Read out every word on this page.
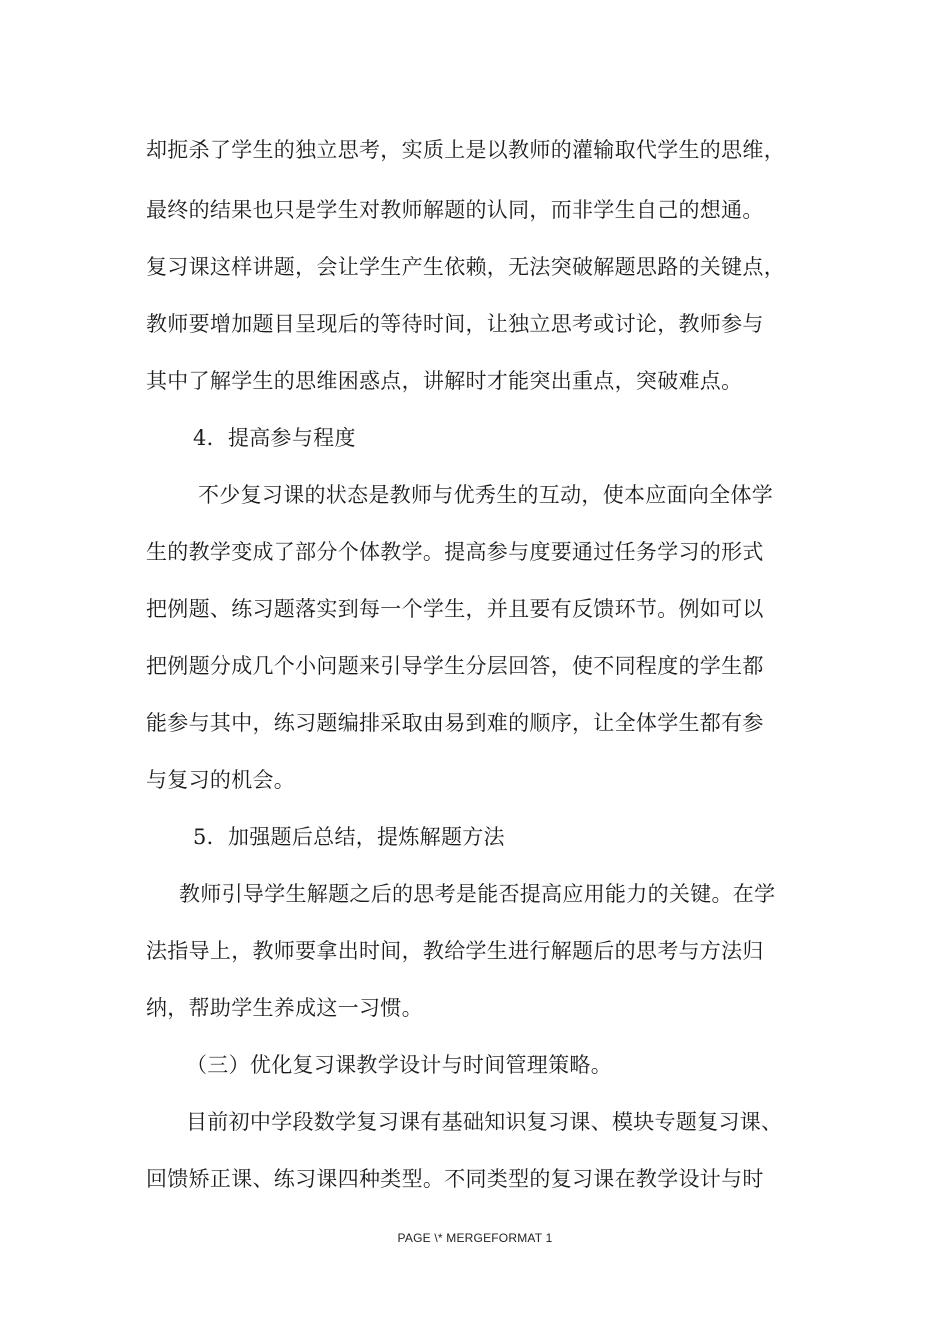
却扼杀了学生的独立思考，实质上是以教师的灌输取代学生的思维，
最终的结果也只是学生对教师解题的认同，而非学生自己的想通。
复习课这样讲题，会让学生产生依赖，无法突破解题思路的关键点，
教师要增加题目呈现后的等待时间，让独立思考或讨论，教师参与
其中了解学生的思维困惑点，讲解时才能突出重点，突破难点。
4．提高参与程度
不少复习课的状态是教师与优秀生的互动，使本应面向全体学
生的教学变成了部分个体教学。提高参与度要通过任务学习的形式
把例题、练习题落实到每一个学生，并且要有反馈环节。例如可以
把例题分成几个小问题来引导学生分层回答，使不同程度的学生都
能参与其中，练习题编排采取由易到难的顺序，让全体学生都有参
与复习的机会。
5．加强题后总结，提炼解题方法
教师引导学生解题之后的思考是能否提高应用能力的关键。在学
法指导上，教师要拿出时间，教给学生进行解题后的思考与方法归
纳，帮助学生养成这一习惯。
（三）优化复习课教学设计与时间管理策略。
目前初中学段数学复习课有基础知识复习课、模块专题复习课、
回馈矫正课、练习课四种类型。不同类型的复习课在教学设计与时
PAGE \* MERGEFORMAT 1
